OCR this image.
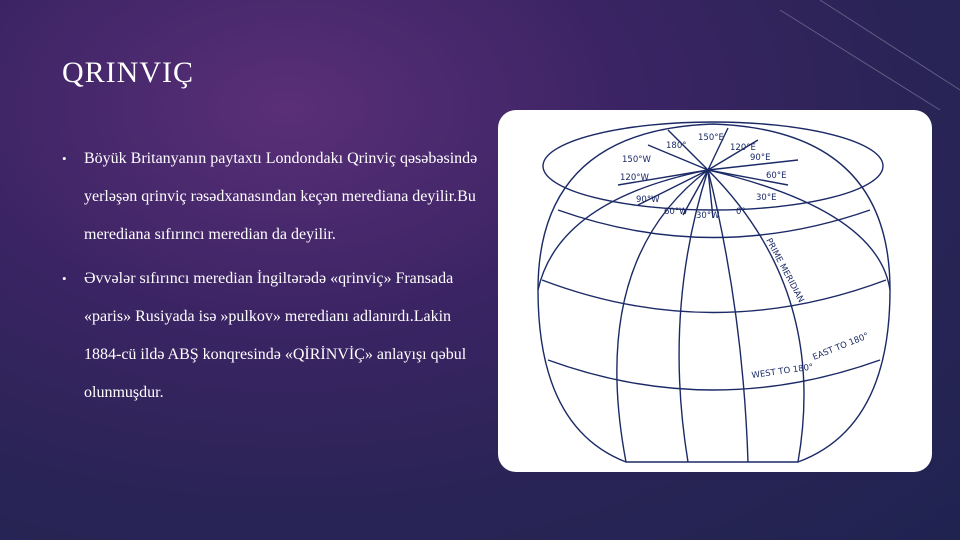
QRINVIÇ
• Böyük Britanyanın paytaxtı Londondakı Qrinviç qəsəbəsində yerləşən qrinviç rəsədxanasından keçən merediana deyilir.Bu merediana sıfırıncı meredian da deyilir.
• Əvvələr sıfırıncı meredian İngiltərədə «qrinviç» Fransada «paris» Rusiyada isə »pulkov» meredianı adlanırdı.Lakin 1884-cü ildə ABŞ konqresində «QİRİNVİÇ» anlayışı qəbul olunmuşdur.
150°E
180°	120°E
150°W	90°E
120°W	60°E
90°W	30°E
60°W 30°W 0°
PRIME MERIDIAN
EAST TO 180°
WEST TO 180°
